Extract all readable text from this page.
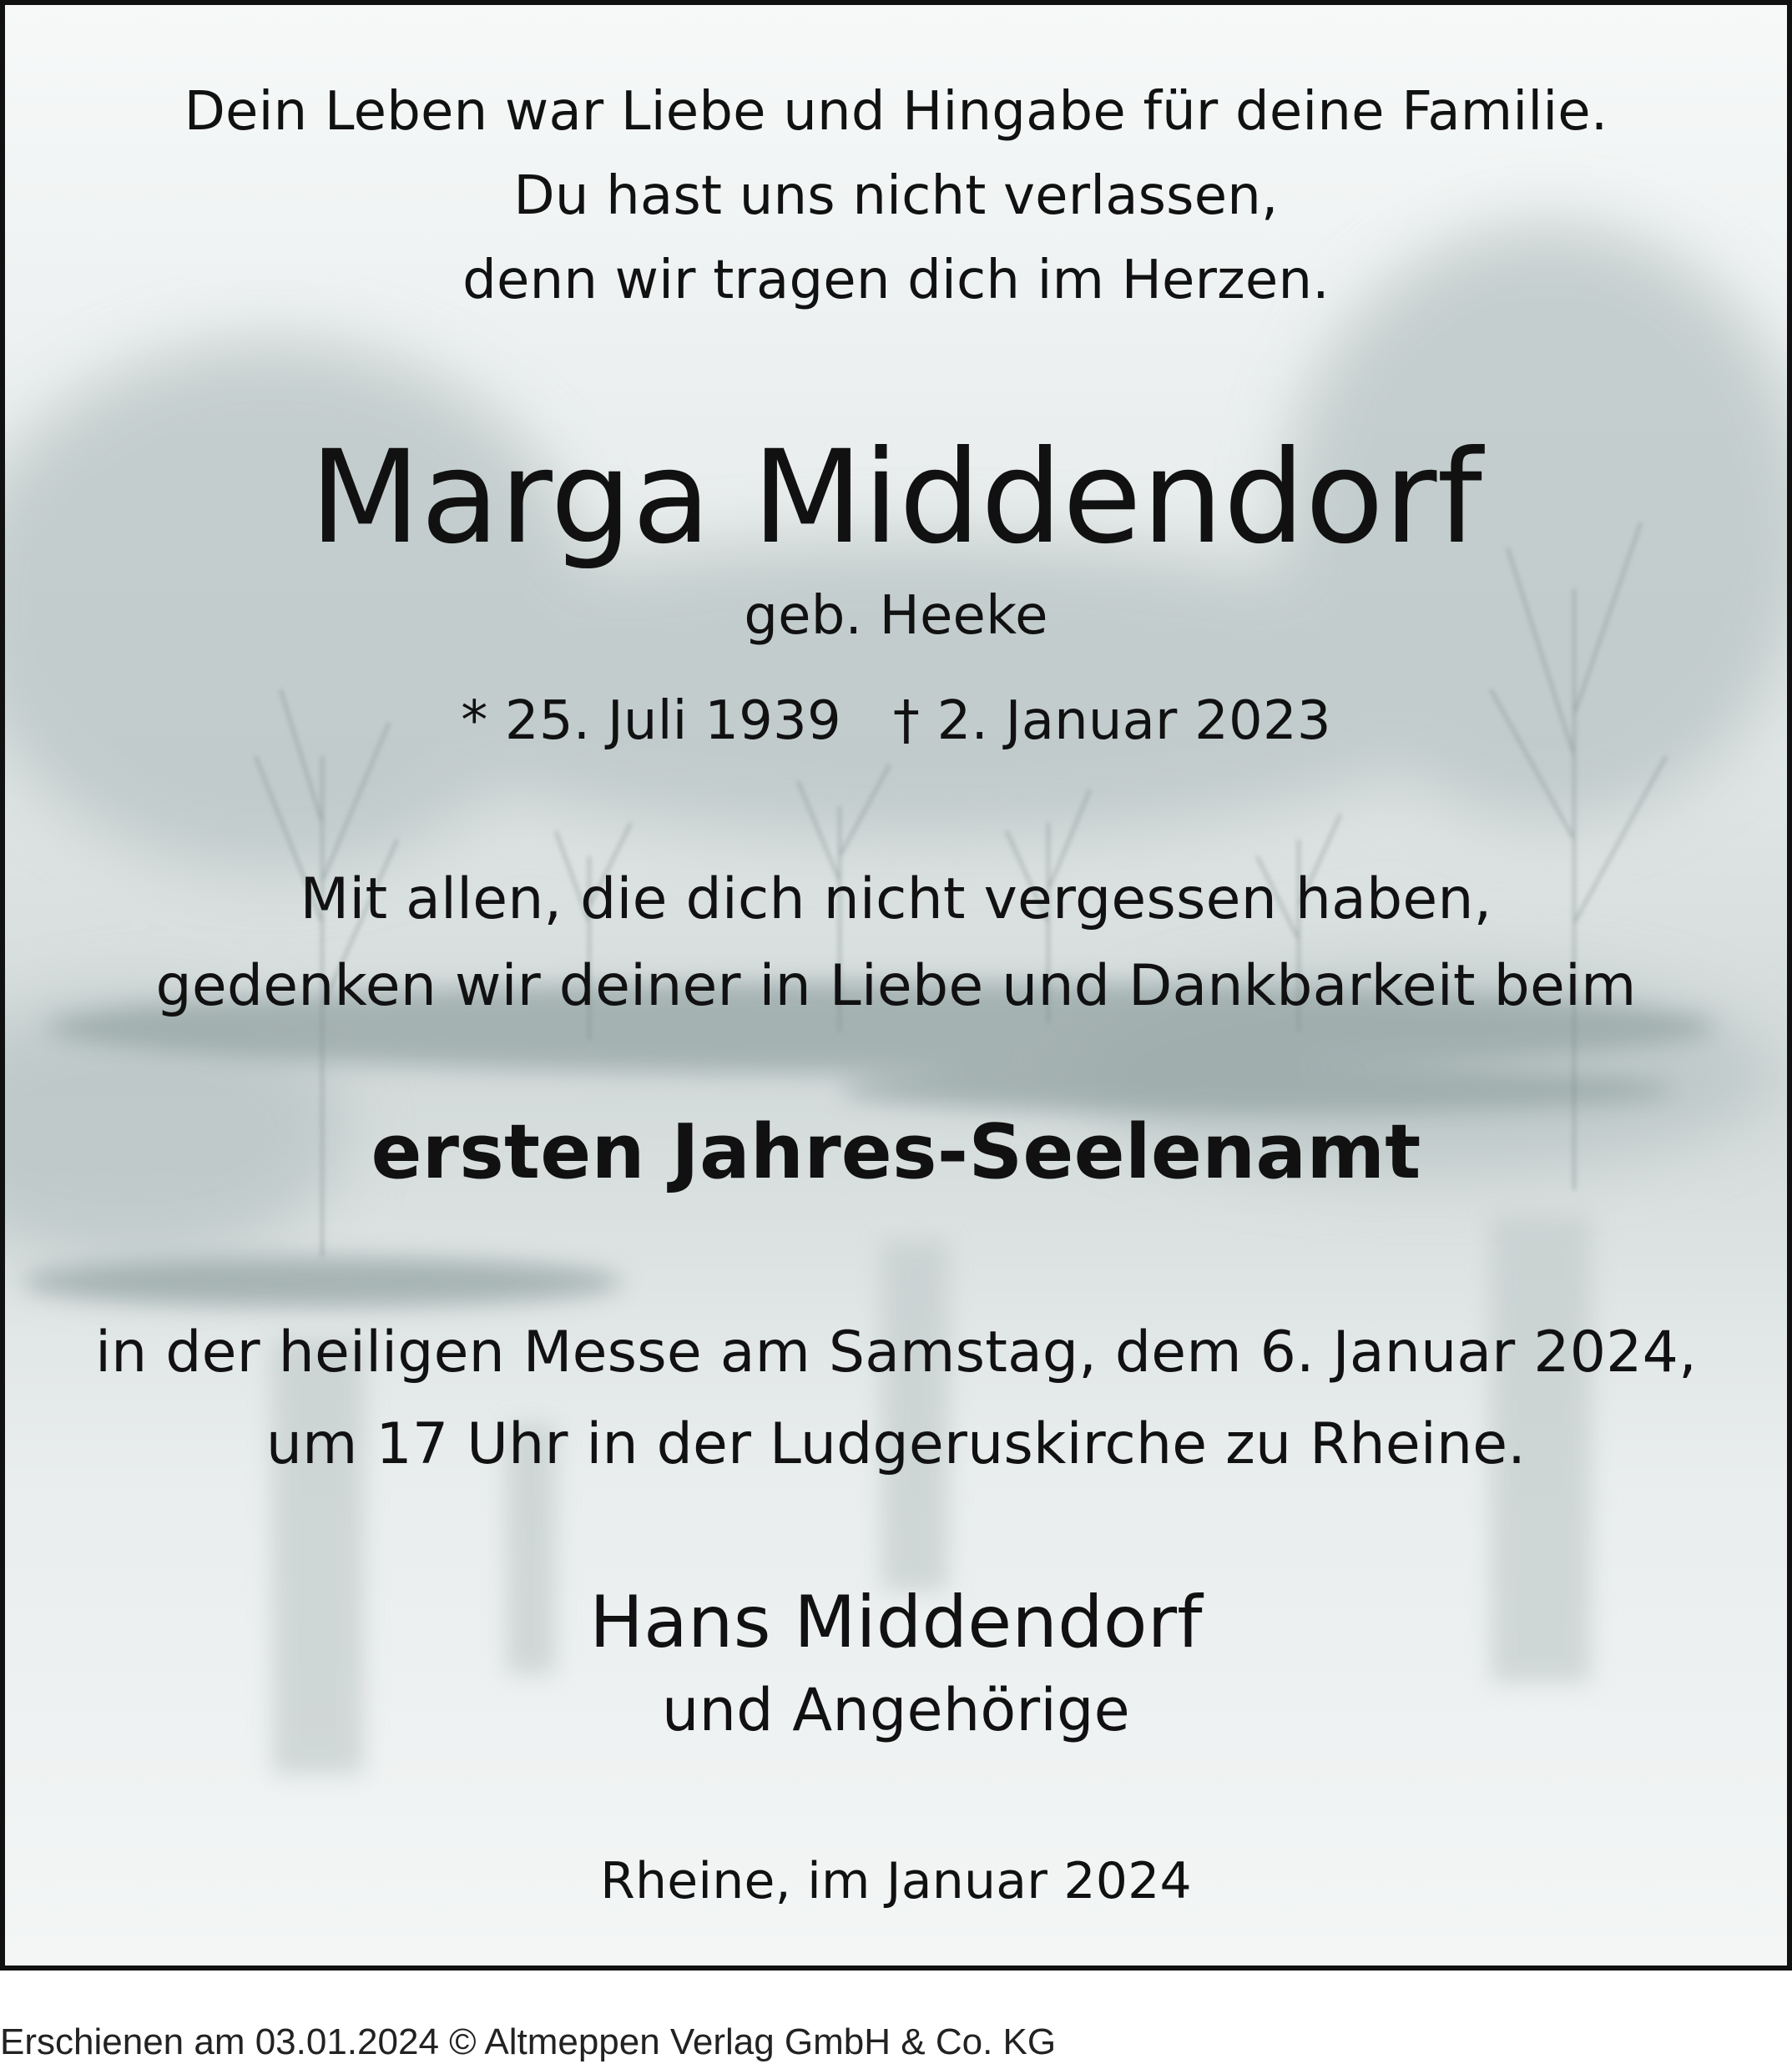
Dein Leben war Liebe und Hingabe für deine Familie.
Du hast uns nicht verlassen,
denn wir tragen dich im Herzen.
Marga Middendorf
geb. Heeke
* 25. Juli 1939 † 2. Januar 2023
Mit allen, die dich nicht vergessen haben,
gedenken wir deiner in Liebe und Dankbarkeit beim
ersten Jahres-Seelenamt
in der heiligen Messe am Samstag, dem 6. Januar 2024,
um 17 Uhr in der Ludgeruskirche zu Rheine.
Hans Middendorf
und Angehörige
Rheine, im Januar 2024
Erschienen am 03.01.2024 © Altmeppen Verlag GmbH & Co. KG
